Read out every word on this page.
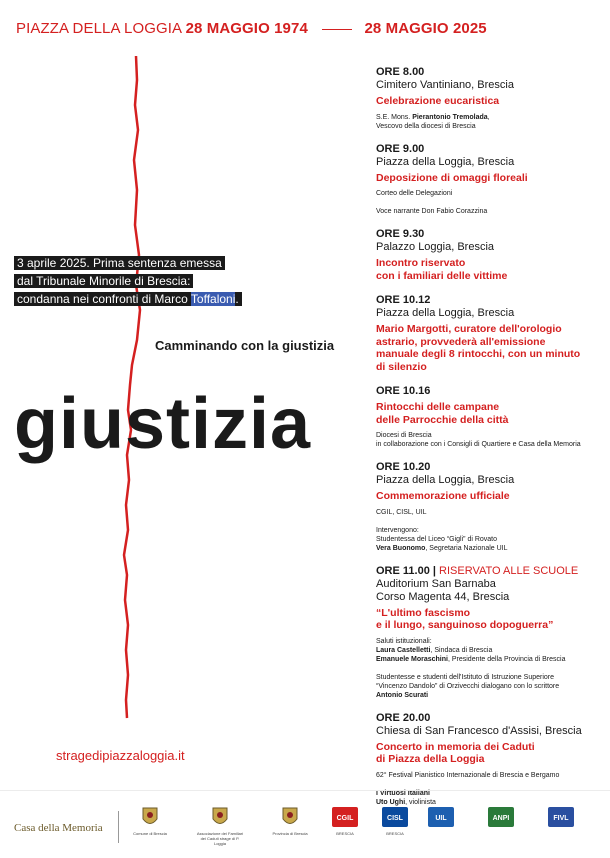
PIAZZA DELLA LOGGIA 28 MAGGIO 1974	28 MAGGIO 2025
3 aprile 2025. Prima sentenza emessa
dal Tribunale Minorile di Brescia:
condanna nei confronti di Marco Toffaloni.
Camminando con la giustizia
giustizia
stragedipiazzaloggia.it
ORE 8.00
Cimitero Vantiniano, Brescia
Celebrazione eucaristica
S.E. Mons. Pierantonio Tremolada,
Vescovo della diocesi di Brescia
ORE 9.00
Piazza della Loggia, Brescia
Deposizione di omaggi floreali
Corteo delle Delegazioni

Voce narrante Don Fabio Corazzina
ORE 9.30
Palazzo Loggia, Brescia
Incontro riservato
con i familiari delle vittime
ORE 10.12
Piazza della Loggia, Brescia
Mario Margotti, curatore dell'orologio
astrario, provvederà all'emissione
manuale degli 8 rintocchi, con un minuto
di silenzio
ORE 10.16
Rintocchi delle campane
delle Parrocchie della città
Diocesi di Brescia
in collaborazione con i Consigli di Quartiere e Casa della Memoria
ORE 10.20
Piazza della Loggia, Brescia
Commemorazione ufficiale
CGIL, CISL, UIL

Intervengono:
Studentessa del Liceo “Gigli” di Rovato
Vera Buonomo, Segretaria Nazionale UIL
ORE 11.00 | RISERVATO ALLE SCUOLE
Auditorium San Barnaba
Corso Magenta 44, Brescia
“L'ultimo fascismo
e il lungo, sanguinoso dopoguerra”
Saluti istituzionali:
Laura Castelletti, Sindaca di Brescia
Emanuele Moraschini, Presidente della Provincia di Brescia

Studentesse e studenti dell'Istituto di Istruzione Superiore
“Vincenzo Dandolo” di Orzivecchi dialogano con lo scrittore
Antonio Scurati
ORE 20.00
Chiesa di San Francesco d'Assisi, Brescia
Concerto in memoria dei Caduti
di Piazza della Loggia
62° Festival Pianistico Internazionale di Brescia e Bergamo

I Virtuosi Italiani
Uto Ughi, violinista
Casa della Memoria	Comune di Brescia	Associazione dei Familiari dei Caduti strage di P. Loggia
Provincia di Brescia
CGIL
BRESCIA
CISL
BRESCIA
UIL	ANPI	FIVL
